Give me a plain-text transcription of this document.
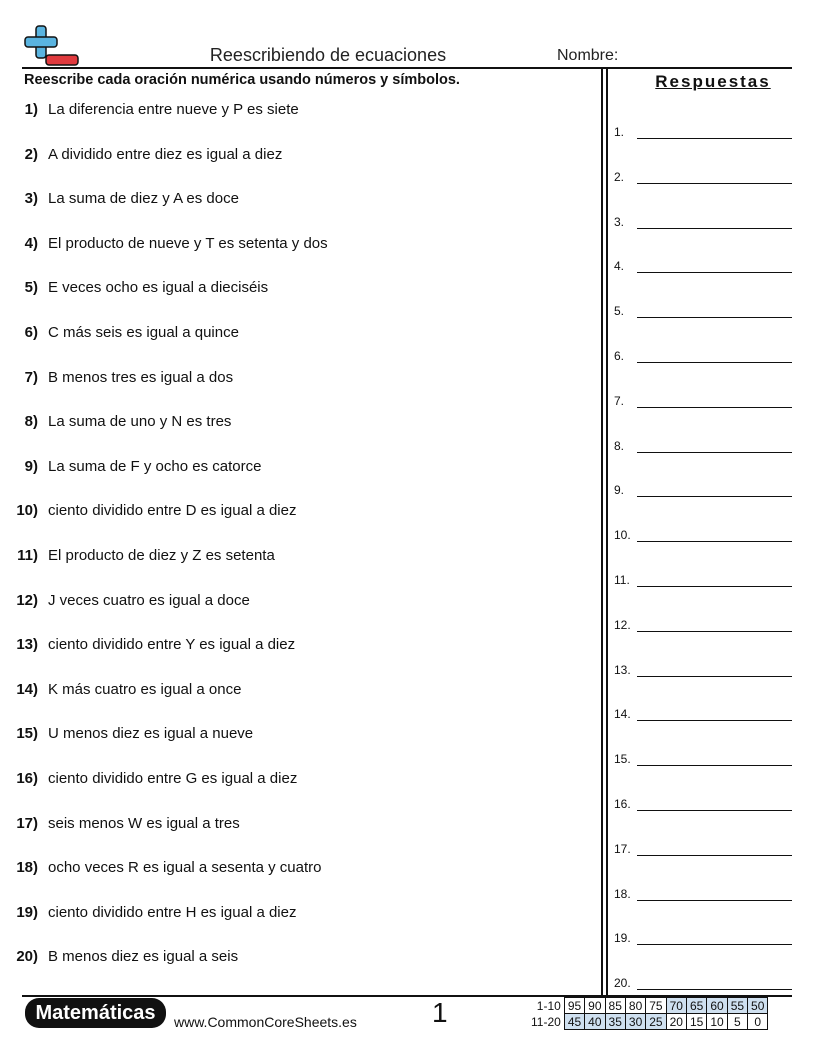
Reescribiendo de ecuaciones	Nombre:
Reescribe cada oración numérica usando números y símbolos.	Respuestas
1) La diferencia entre nueve y P es siete
2) A dividido entre diez es igual a diez
3) La suma de diez y A es doce
4) El producto de nueve y T es setenta y dos
5) E veces ocho es igual a dieciséis
6) C más seis es igual a quince
7) B menos tres es igual a dos
8) La suma de uno y N es tres
9) La suma de F y ocho es catorce
10) ciento dividido entre D es igual a diez
11) El producto de diez y Z es setenta
12) J veces cuatro es igual a doce
13) ciento dividido entre Y es igual a diez
14) K más cuatro es igual a once
15) U menos diez es igual a nueve
16) ciento dividido entre G es igual a diez
17) seis menos W es igual a tres
18) ocho veces R es igual a sesenta y cuatro
19) ciento dividido entre H es igual a diez
20) B menos diez es igual a seis
1.
2.
3.
4.
5.
6.
7.
8.
9.
10.
11.
12.
13.
14.
15.
16.
17.
18.
19.
20.
Matemáticas	www.CommonCoreSheets.es	1	1-10	95	90	85	80	75	70	65	60	55	50
11-20	45	40	35	30	25	20	15	10	5	0
